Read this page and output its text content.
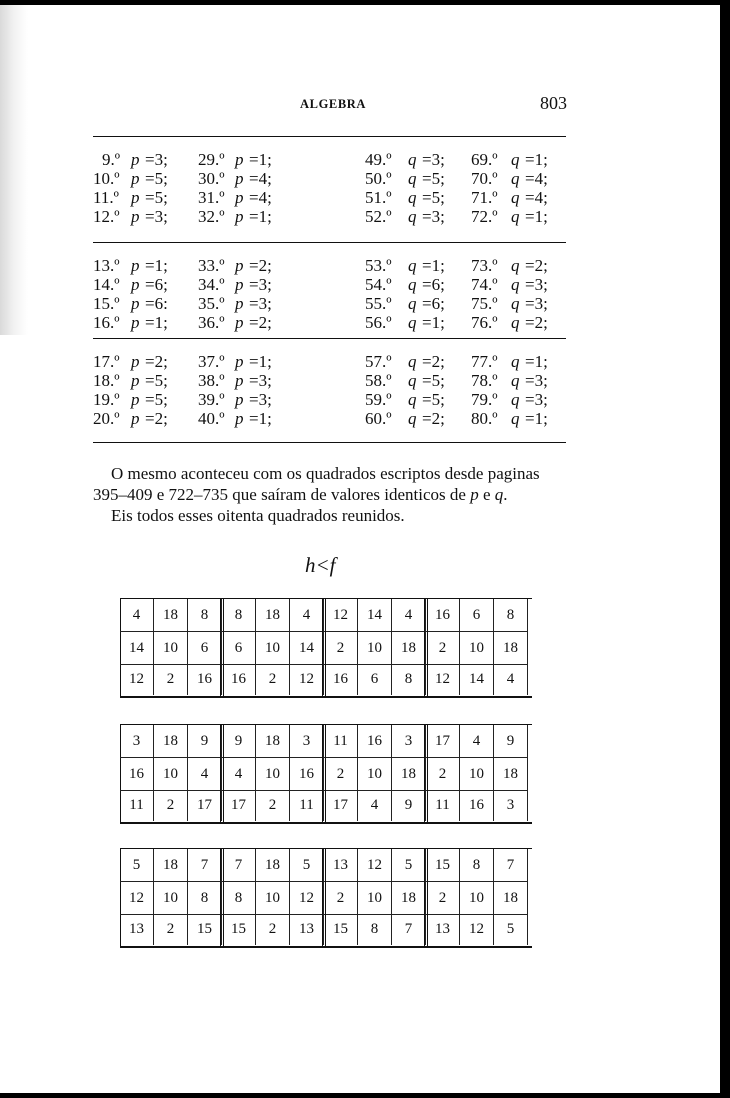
ALGEBRA	803
9.º p =3; 29.º p =1;	49.º q =3; 69.º q =1;
10.º p =5; 30.º p =4;	50.º q =5; 70.º q =4;
11.º p =5; 31.º p =4;	51.º q =5; 71.º q =4;
12.º p =3; 32.º p =1;	52.º q =3; 72.º q =1;
13.º p =1; 33.º p =2;	53.º q =1; 73.º q =2;
14.º p =6; 34.º p =3;	54.º q =6; 74.º q =3;
15.º p =6: 35.º p =3;	55.º q =6; 75.º q =3;
16.º p =1; 36.º p =2;	56.º q =1; 76.º q =2;
17.º p =2; 37.º p =1;	57.º q =2; 77.º q =1;
18.º p =5; 38.º p =3;	58.º q =5; 78.º q =3;
19.º p =5; 39.º p =3;	59.º q =5; 79.º q =3;
20.º p =2; 40.º p =1;	60.º q =2; 80.º q =1;
O mesmo aconteceu com os quadrados escriptos desde paginas
395–409 e 722–735 que saíram de valores identicos de p e q.
Eis todos esses oitenta quadrados reunidos.
h<f
4	18	8	8	18	4	12	14	4	16	6	8
14	10	6	6	10	14	2	10	18	2	10	18
12	2	16	16	2	12	16	6	8	12	14	4
3	18	9	9	18	3	11	16	3	17	4	9
16	10	4	4	10	16	2	10	18	2	10	18
11	2	17	17	2	11	17	4	9	11	16	3
5	18	7	7	18	5	13	12	5	15	8	7
12	10	8	8	10	12	2	10	18	2	10	18
13	2	15	15	2	13	15	8	7	13	12	5
